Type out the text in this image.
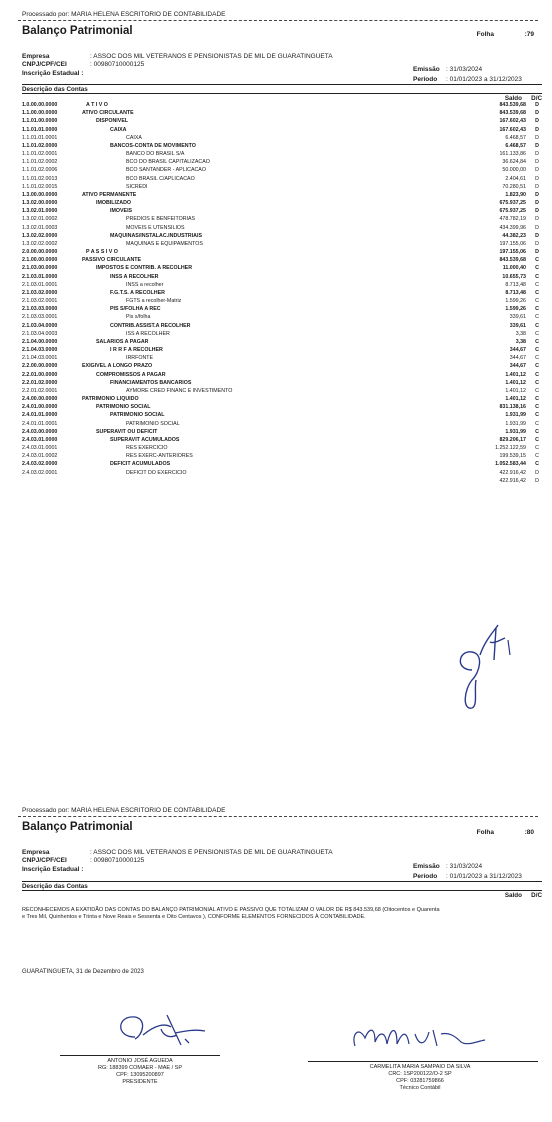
Processado por: MARIA HELENA ESCRITORIO DE CONTABILIDADE
Balanço Patrimonial	Folha	:79
Empresa	: ASSOC DOS MIL VETERANOS E PENSIONISTAS DE MIL DE GUARATINGUETA
CNPJ/CPF/CEI	: 00980710000125
Inscrição Estadual :
Emissão : 31/03/2024
Período : 01/01/2023 a 31/12/2023
Descrição das Contas
Saldo D/C
1.0.00.00.0000	A T I V O	843.539,68	D
1.1.00.00.0000	ATIVO CIRCULANTE	843.539,68	D
1.1.01.00.0000	DISPONIVEL	167.602,43	D
1.1.01.01.0000	CAIXA	167.602,43	D
1.1.01.01.0001	CAIXA	6.468,57	D
1.1.01.02.0000	BANCOS-CONTA DE MOVIMENTO	6.468,57	D
1.1.01.02.0001	BANCO DO BRASIL S/A	161.133,86	D
1.1.01.02.0002	BCO DO BRASIL CAPITALIZACAO	36.624,84	D
1.1.01.02.0006	BCO SANTANDER - APLICACAO	50.000,00	D
1.1.01.02.0013	BCO BRASIL C/APLICACAO	2.404,61	D
1.1.01.02.0015	SICREDI	70.280,51	D
1.3.00.00.0000	ATIVO PERMANENTE	1.823,90	D
1.3.02.00.0000	IMOBILIZADO	675.937,25	D
1.3.02.01.0000	IMOVEIS	675.937,25	D
1.3.02.01.0002	PREDIOS E BENFEITORIAS	478.782,19	D
1.3.02.01.0003	MOVEIS E UTENSILIOS	434.399,96	D
1.3.02.02.0000	MAQUINAS/INSTALAC.INDUSTRIAIS	44.382,23	D
1.3.02.02.0002	MAQUINAS E EQUIPAMENTOS	197.155,06	D
2.0.00.00.0000	P A S S I V O	197.155,06	D
2.1.00.00.0000	PASSIVO CIRCULANTE	843.539,68	C
2.1.03.00.0000	IMPOSTOS E CONTRIB. A RECOLHER	11.000,40	C
2.1.03.01.0000	INSS A RECOLHER	10.655,73	C
2.1.03.01.0001	INSS a recolher	8.713,48	C
2.1.03.02.0000	F.G.T.S. A RECOLHER	8.713,48	C
2.1.03.02.0001	FGTS a recolher-Matriz	1.599,26	C
2.1.03.03.0000	PIS S/FOLHA A REC	1.599,26	C
2.1.03.03.0001	Pis s/folha	339,61	C
2.1.03.04.0000	CONTRIB.ASSIST.A RECOLHER	339,61	C
2.1.03.04.0003	ISS A RECOLHER	3,38	C
2.1.04.00.0000	SALARIOS A PAGAR	3,38	C
2.1.04.03.0000	I R R F A RECOLHER	344,67	C
2.1.04.03.0001	IRRFONTE	344,67	C
2.2.00.00.0000	EXIGIVEL A LONGO PRAZO	344,67	C
2.2.01.00.0000	COMPROMISSOS A PAGAR	1.401,12	C
2.2.01.02.0000	FINANCIAMENTOS BANCARIOS	1.401,12	C
2.2.01.02.0001	AYMORE CRED FINANC E INVESTIMENTO	1.401,12	C
2.4.00.00.0000	PATRIMONIO LIQUIDO	1.401,12	C
2.4.01.00.0000	PATRIMONIO SOCIAL	831.138,16	C
2.4.01.01.0000	PATRIMONIO SOCIAL	1.931,99	C
2.4.01.01.0001	PATRIMONIO SOCIAL	1.931,99	C
2.4.03.00.0000	SUPERAVIT OU DEFICIT	1.931,99	C
2.4.03.01.0000	SUPERAVIT ACUMULADOS	829.206,17	C
2.4.03.01.0001	RES EXERCICIO	1.252.122,59	C
2.4.03.01.0002	RES EXERC-ANTERIORES	199.539,15	C
2.4.03.02.0000	DEFICIT ACUMULADOS	1.052.583,44	C
2.4.03.02.0001	DEFICIT DO EXERCICIO	422.916,42	D
422.916,42	D
Processado por: MARIA HELENA ESCRITORIO DE CONTABILIDADE
Balanço Patrimonial	Folha	:80
Empresa	: ASSOC DOS MIL VETERANOS E PENSIONISTAS DE MIL DE GUARATINGUETA
CNPJ/CPF/CEI	: 00980710000125
Inscrição Estadual :	Emissão : 31/03/2024
Período : 01/01/2023 a 31/12/2023
Descrição das Contas
Saldo D/C
RECONHECEMOS A EXATIDÃO DAS CONTAS DO BALANÇO PATRIMONIAL ATIVO E PASSIVO QUE TOTALIZAM O VALOR DE R$ 843.539,68 (Oitocentos e Quarenta
e Tres Mil, Quinhentos e Trinta e Nove Reais e Sessenta e Oito Centavos ), CONFORME ELEMENTOS FORNECIDOS À CONTABILIDADE.
GUARATINGUETA, 31 de Dezembro de 2023
ANTONIO JOSÉ AGUEDA
RG: 188399 COMAER - MAE / SP
CPF: 13095200897
PRESIDENTE
CARMELITA MARIA SAMPAIO DA SILVA
CRC: 1SP200122/O-2 SP
CPF: 03281759866
Técnico Contábil
